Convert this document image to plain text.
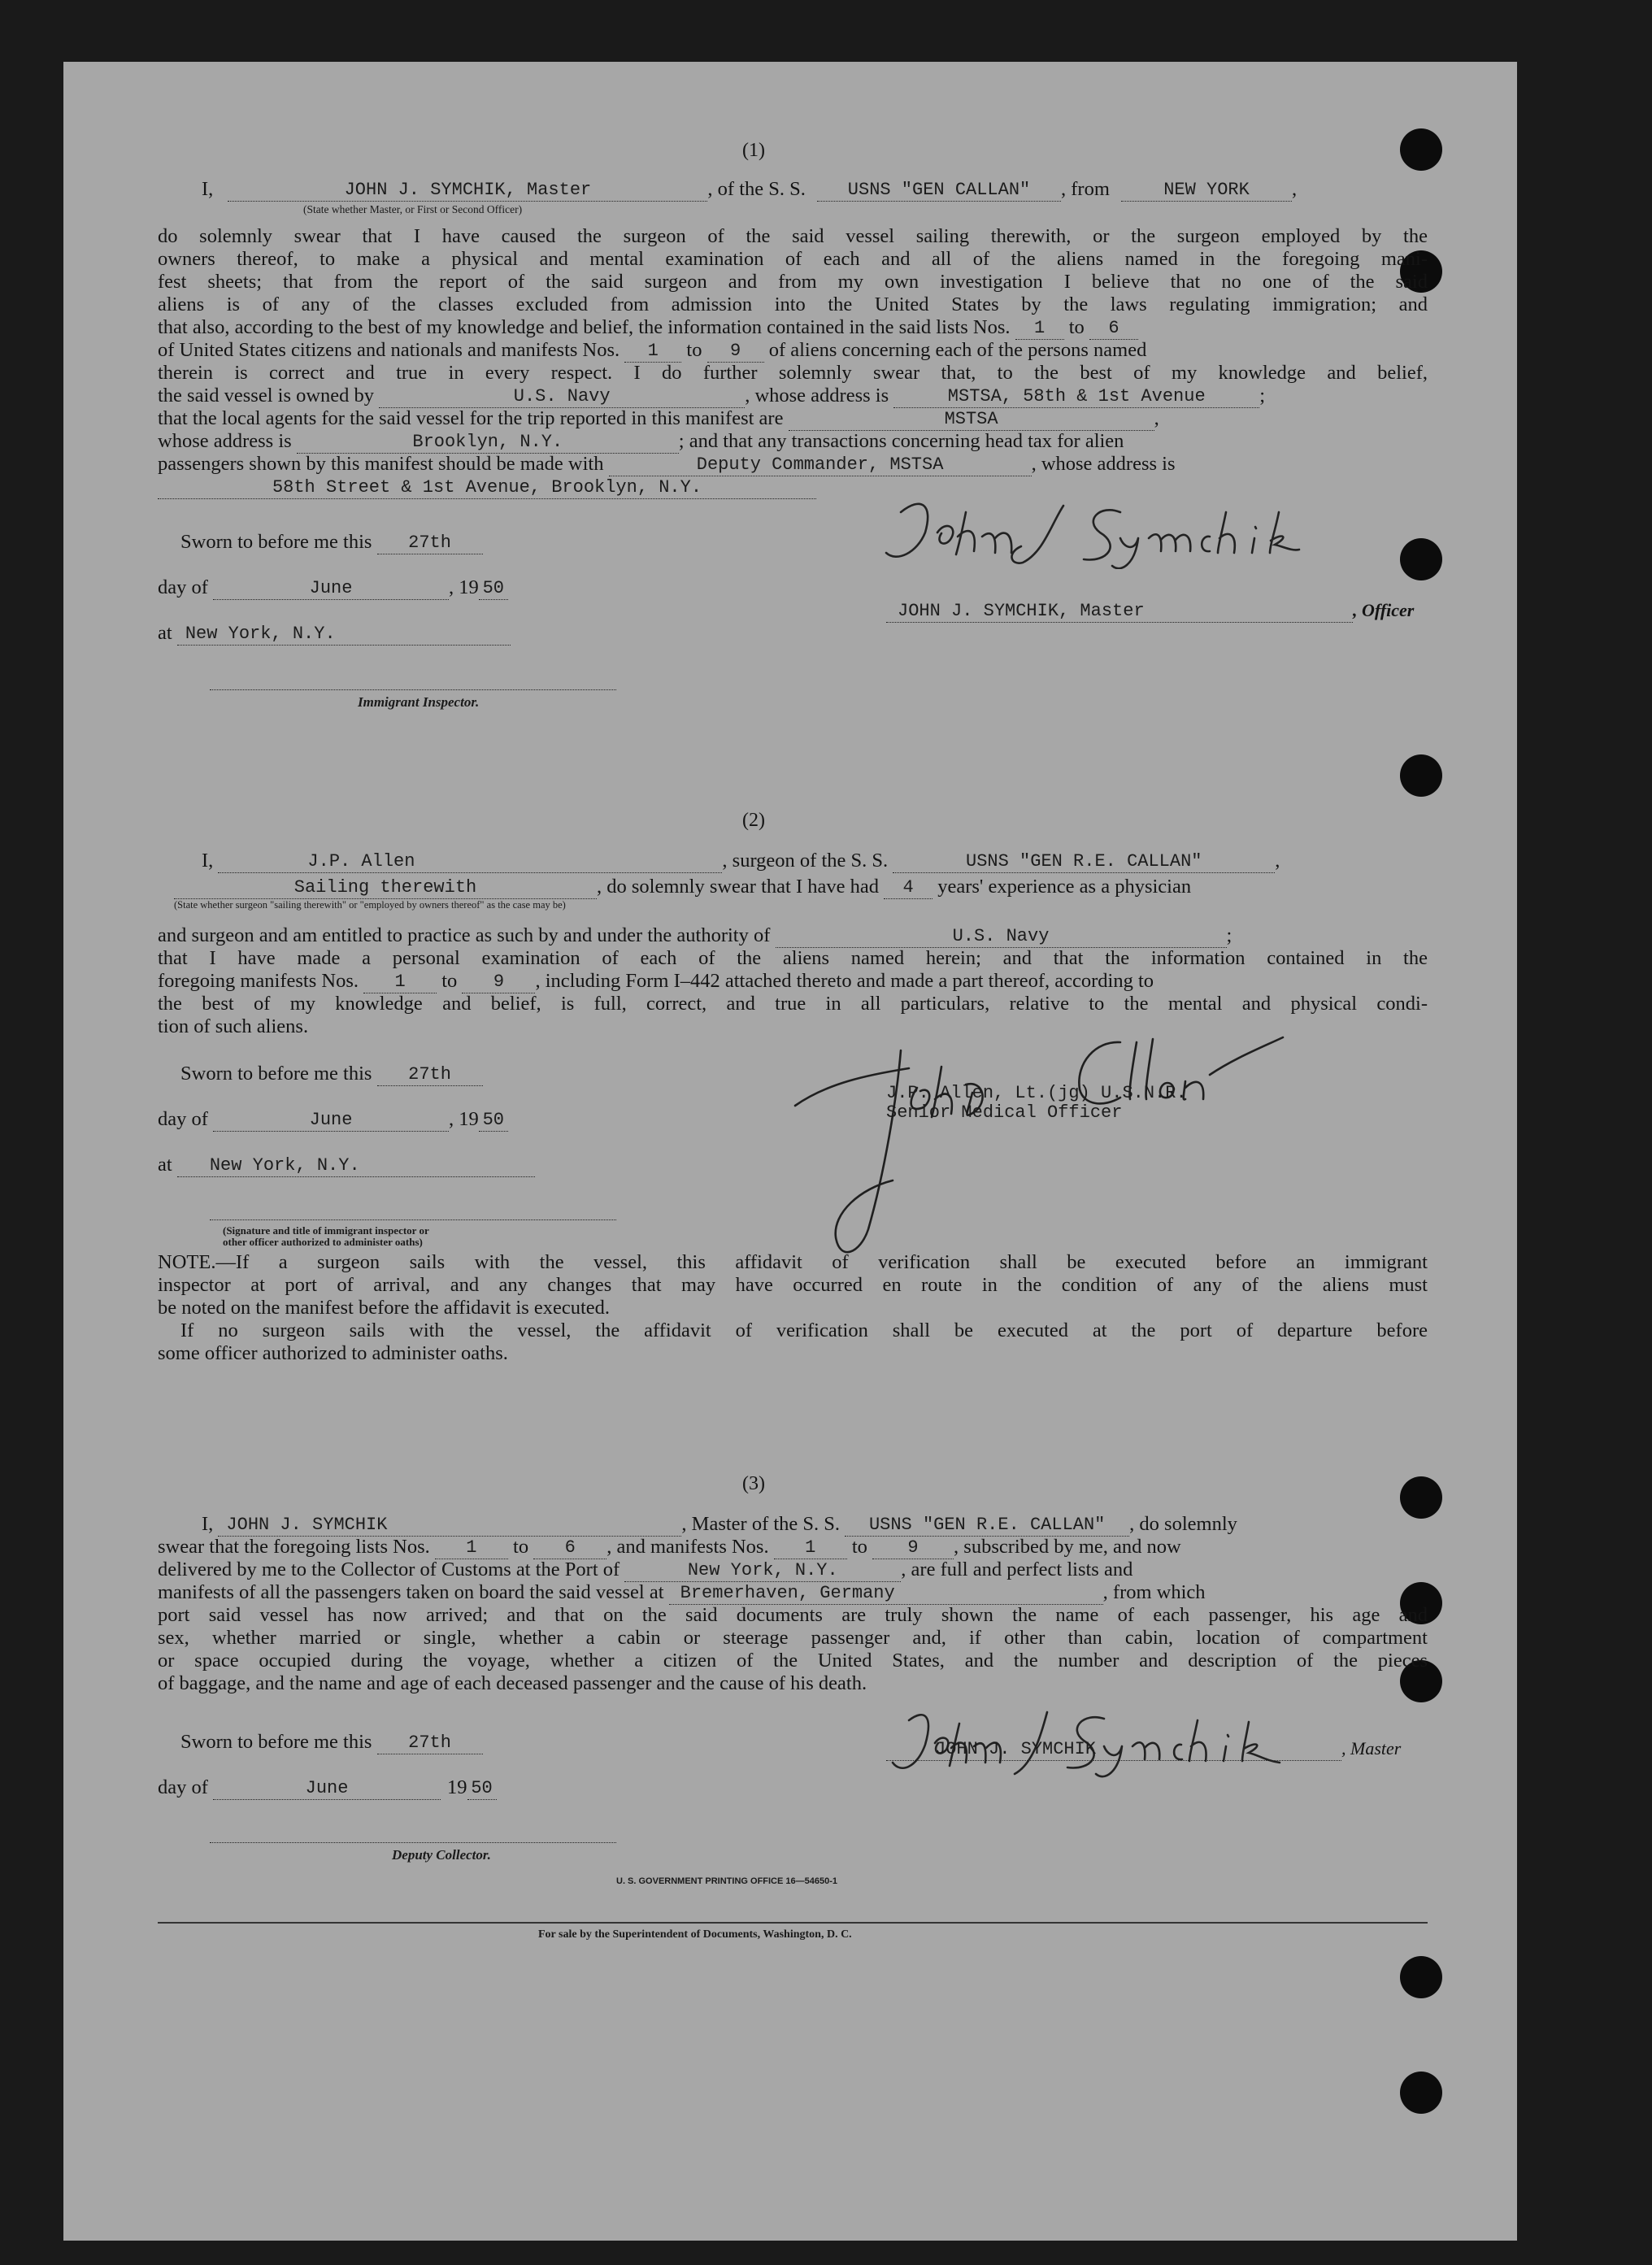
(1)
I,	JOHN J. SYMCHIK, Master	, of the S. S. USNS "GEN CALLAN" , from	NEW YORK ,
(State whether Master, or First or Second Officer)
do solemnly swear that I have caused the surgeon of the said vessel sailing therewith, or the surgeon employed by the
owners thereof, to make a physical and mental examination of each and all of the aliens named in the foregoing mani-
fest sheets; that from the report of the said surgeon and from my own investigation I believe that no one of the said
aliens is of any of the classes excluded from admission into the United States by the laws regulating immigration; and
that also, according to the best of my knowledge and belief, the information contained in the said lists Nos. 1 to 6
of United States citizens and nationals and manifests Nos. 1 to 9 of aliens concerning each of the persons named
therein is correct and true in every respect. I do further solemnly swear that, to the best of my knowledge and belief,
the said vessel is owned by	U.S. Navy	, whose address is	MSTSA, 58th & 1st Avenue	;
that the local agents for the said vessel for the trip reported in this manifest are	MSTSA	,
whose address is	Brooklyn, N.Y.	; and that any transactions concerning head tax for alien
passengers shown by this manifest should be made with	Deputy Commander, MSTSA	, whose address is
58th Street & 1st Avenue, Brooklyn, N.Y.
Sworn to before me this 27th
day of	June	, 19 50
at New York, N.Y.
Immigrant Inspector.
JOHN J. SYMCHIK, Master	, Officer
(2)
I,	J.P. Allen	, surgeon of the S. S.	USNS "GEN R.E. CALLAN"	,
Sailing therewith	, do solemnly swear that I have had 4 years' experience as a physician
(State whether surgeon "sailing therewith" or "employed by owners thereof" as the case may be)
and surgeon and am entitled to practice as such by and under the authority of	U.S. Navy	;
that I have made a personal examination of each of the aliens named herein; and that the information contained in the
foregoing manifests Nos. 1 to 9 , including Form I–442 attached thereto and made a part thereof, according to
the best of my knowledge and belief, is full, correct, and true in all particulars, relative to the mental and physical condi-
tion of such aliens.
Sworn to before me this 27th
day of	June	, 19 50
at New York, N.Y.
(Signature and title of immigrant inspector or
other officer authorized to administer oaths)
J.P. Allen, Lt.(jg) U.S.N.R.
Senior Medical Officer
NOTE.—If a surgeon sails with the vessel, this affidavit of verification shall be executed before an immigrant
inspector at port of arrival, and any changes that may have occurred en route in the condition of any of the aliens must
be noted on the manifest before the affidavit is executed.
If no surgeon sails with the vessel, the affidavit of verification shall be executed at the port of departure before
some officer authorized to administer oaths.
(3)
I, JOHN J. SYMCHIK	, Master of the S. S. USNS "GEN R.E. CALLAN" , do solemnly
swear that the foregoing lists Nos. 1 to 6 , and manifests Nos. 1 to 9 , subscribed by me, and now
delivered by me to the Collector of Customs at the Port of	New York, N.Y.	, are full and perfect lists and
manifests of all the passengers taken on board the said vessel at Bremerhaven, Germany	, from which
port said vessel has now arrived; and that on the said documents are truly shown the name of each passenger, his age and
sex, whether married or single, whether a cabin or steerage passenger and, if other than cabin, location of compartment
or space occupied during the voyage, whether a citizen of the United States, and the number and description of the pieces
of baggage, and the name and age of each deceased passenger and the cause of his death.
Sworn to before me this 27th
day of	June	19 50
Deputy Collector.
JOHN J. SYMCHIK	, Master
U. S. GOVERNMENT PRINTING OFFICE 16—54650-1
For sale by the Superintendent of Documents, Washington, D. C.
